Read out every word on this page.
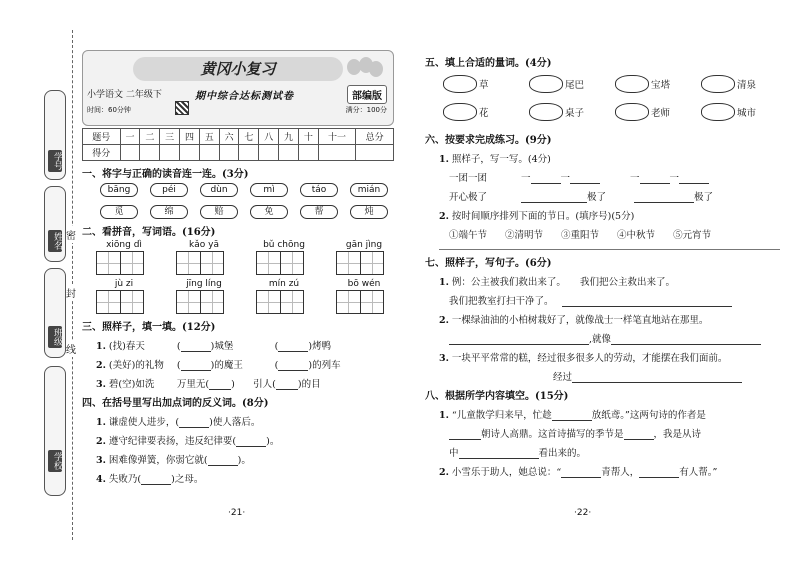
学号
姓名
班级
学校
密
封
线
黄冈小复习
小学语文 二年级下	期中综合达标测试卷	部编版
时间：60分钟	满分：100分
题号	一	二	三	四	五	六	七	八	九	十	十一	总分
得分												
一、将字与正确的读音连一连。(3分)
bāng	péi	dùn	mì	táo	mián
觅	绵	赔	免	帮	炖
二、看拼音，写词语。(16分)
xiōng dì	kǎo yā	bǔ chōng	gān jìng
jù zi	jīng líng	mín zú	bō wén
三、照样子，填一填。(12分)
1. (找)春天	(	)城堡	(	)烤鸭
2. (美好)的礼物 (	)的魔王	(	)的列车
3. 碧(空)如洗 万里无( ) 引人( )的目
四、在括号里写出加点词的反义词。(8分)
1. 谦虚使人进步，(	)使人落后。
2. 遵守纪律要表扬，违反纪律要(	)。
3. 困难像弹簧，你弱它就(	)。
4. 失败乃(	)之母。
·21·
五、填上合适的量词。(4分)
草	尾巴	宝塔	清泉
花	桌子	老师	城市
六、按要求完成练习。(9分)
1. 照样子，写一写。(4分)
一团一团	一	一	一	一
开心极了	极了	极了
2. 按时间顺序排列下面的节日。(填序号)(5分)
①端午节 ②清明节 ③重阳节 ④中秋节 ⑤元宵节
七、照样子，写句子。(6分)
1. 例：公主被我们救出来了。 我们把公主救出来了。
我们把教室打扫干净了。
2. 一棵绿油油的小柏树栽好了，就像战士一样笔直地站在那里。
,就像
3. 一块平平常常的糕，经过很多很多人的劳动，才能摆在我们面前。
经过
八、根据所学内容填空。(15分)
1. “儿童散学归来早，忙趁	放纸鸢。”这两句诗的作者是
朝诗人高鼎。这首诗描写的季节是	，我是从诗
中	看出来的。
2. 小雪乐于助人，她总说：“	青帮人，	有人帮。”
·22·
